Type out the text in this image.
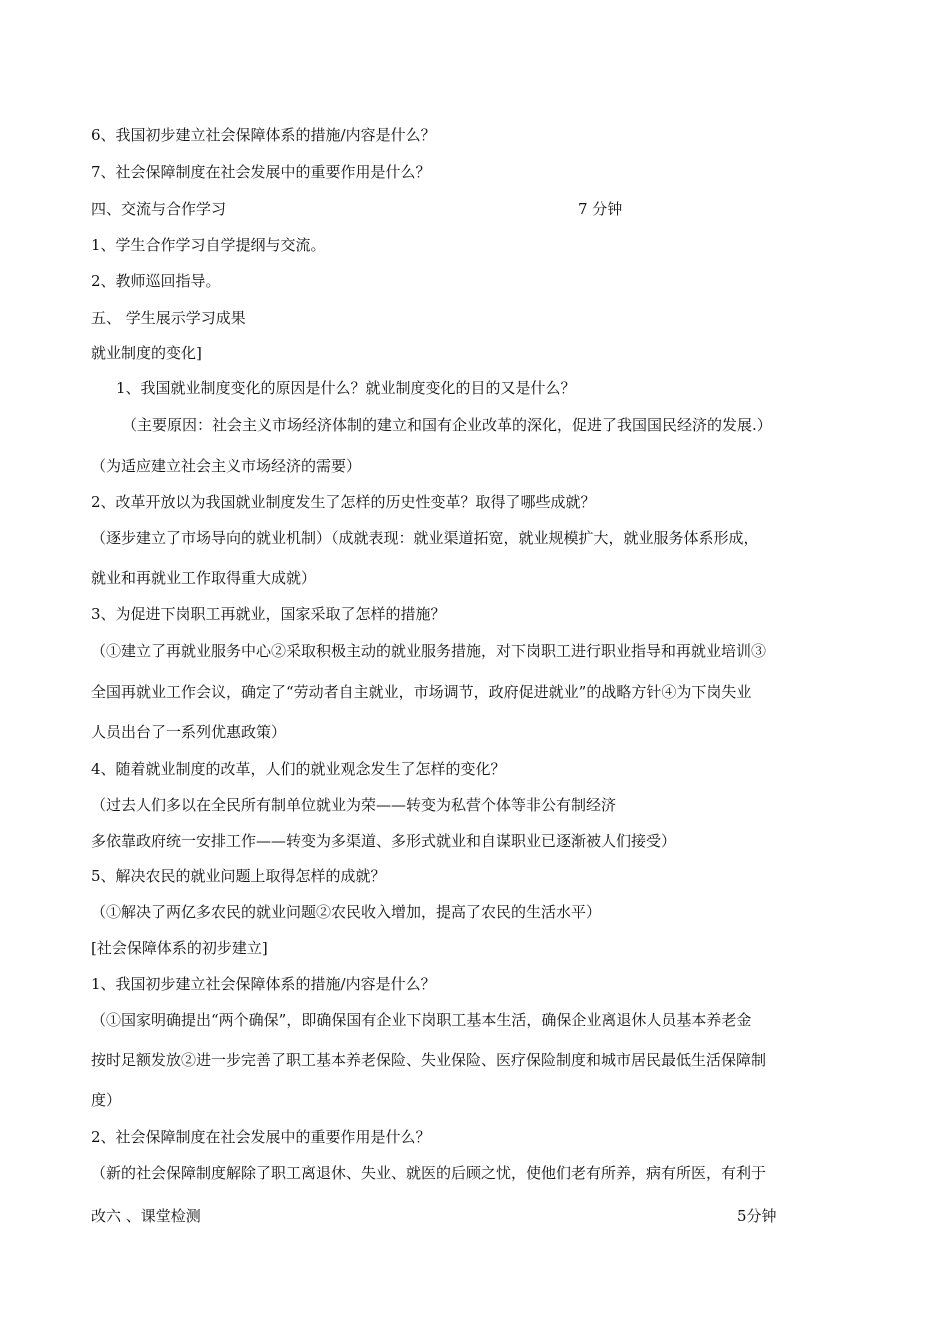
6、我国初步建立社会保障体系的措施/内容是什么？
7、社会保障制度在社会发展中的重要作用是什么？
四、交流与合作学习	7 分钟
1、学生合作学习自学提纲与交流。
2、教师巡回指导。
五、 学生展示学习成果
就业制度的变化]
1、我国就业制度变化的原因是什么？就业制度变化的目的又是什么？
（主要原因：社会主义市场经济体制的建立和国有企业改革的深化，促进了我国国民经济的发展.）
（为适应建立社会主义市场经济的需要）
2、改革开放以为我国就业制度发生了怎样的历史性变革？取得了哪些成就？
（逐步建立了市场导向的就业机制）（成就表现：就业渠道拓宽，就业规模扩大，就业服务体系形成，
就业和再就业工作取得重大成就）
3、为促进下岗职工再就业，国家采取了怎样的措施？
（①建立了再就业服务中心②采取积极主动的就业服务措施，对下岗职工进行职业指导和再就业培训③
全国再就业工作会议，确定了“劳动者自主就业，市场调节，政府促进就业”的战略方针④为下岗失业
人员出台了一系列优惠政策）
4、随着就业制度的改革，人们的就业观念发生了怎样的变化？
（过去人们多以在全民所有制单位就业为荣——转变为私营个体等非公有制经济
多依靠政府统一安排工作——转变为多渠道、多形式就业和自谋职业已逐渐被人们接受）
5、解决农民的就业问题上取得怎样的成就？
（①解决了两亿多农民的就业问题②农民收入增加，提高了农民的生活水平）
[社会保障体系的初步建立]
1、我国初步建立社会保障体系的措施/内容是什么？
（①国家明确提出“两个确保”，即确保国有企业下岗职工基本生活，确保企业离退休人员基本养老金
按时足额发放②进一步完善了职工基本养老保险、失业保险、医疗保险制度和城市居民最低生活保障制
度）
2、社会保障制度在社会发展中的重要作用是什么？
（新的社会保障制度解除了职工离退休、失业、就医的后顾之忧，使他们老有所养，病有所医，有利于
改六 、课堂检测	5分钟
